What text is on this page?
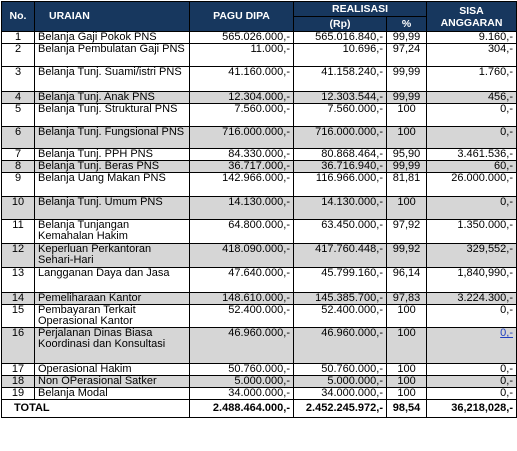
No.	URAIAN	PAGU DIPA	REALISASI		SISA ANGGARAN
			(Rp)	%	
1	Belanja Gaji Pokok PNS	565.026.000,-	565.016.840,-	99,99	9.160,-
2	Belanja Pembulatan Gaji PNS	11.000,-	10.696,-	97,24	304,-
3	Belanja Tunj. Suami/istri PNS	41.160.000,-	41.158.240,-	99,99	1.760,-
4	Belanja Tunj. Anak PNS	12.304.000,-	12.303.544,-	99,99	456,-
5	Belanja Tunj. Struktural PNS	7.560.000,-	7.560.000,-	100	0,-
6	Belanja Tunj. Fungsional PNS	716.000.000,-	716.000.000,-	100	0,-
7	Belanja Tunj. PPH PNS	84.330.000,-	80.868.464,-	95,90	3.461.536,-
8	Belanja Tunj. Beras PNS	36.717.000,-	36.716.940,-	99,99	60,-
9	Belanja Uang Makan PNS	142.966.000,-	116.966.000,-	81,81	26.000.000,-
10	Belanja Tunj. Umum PNS	14.130.000,-	14.130.000,-	100	0,-
11	Belanja Tunjangan Kemahalan Hakim	64.800.000,-	63.450.000,-	97,92	1.350.000,-
12	Keperluan Perkantoran Sehari-Hari	418.090.000,-	417.760.448,-	99,92	329,552,-
13	Langganan Daya dan Jasa	47.640.000,-	45.799.160,-	96,14	1,840,990,-
14	Pemeliharaan Kantor	148.610.000,-	145.385.700,-	97,83	3.224.300,-
15	Pembayaran Terkait Operasional Kantor	52.400.000,-	52.400.000,-	100	0,-
16	Perjalanan Dinas Biasa Koordinasi dan Konsultasi	46.960.000,-	46.960.000,-	100	0,-
17	Operasional Hakim	50.760.000,-	50.760.000,-	100	0,-
18	Non OPerasional Satker	5.000.000,-	5.000.000,-	100	0,-
19	Belanja Modal	34.000.000,-	34.000.000,-	100	0,-
TOTAL		2.488.464.000,-	2.452.245.972,-	98,54	36,218,028,-
